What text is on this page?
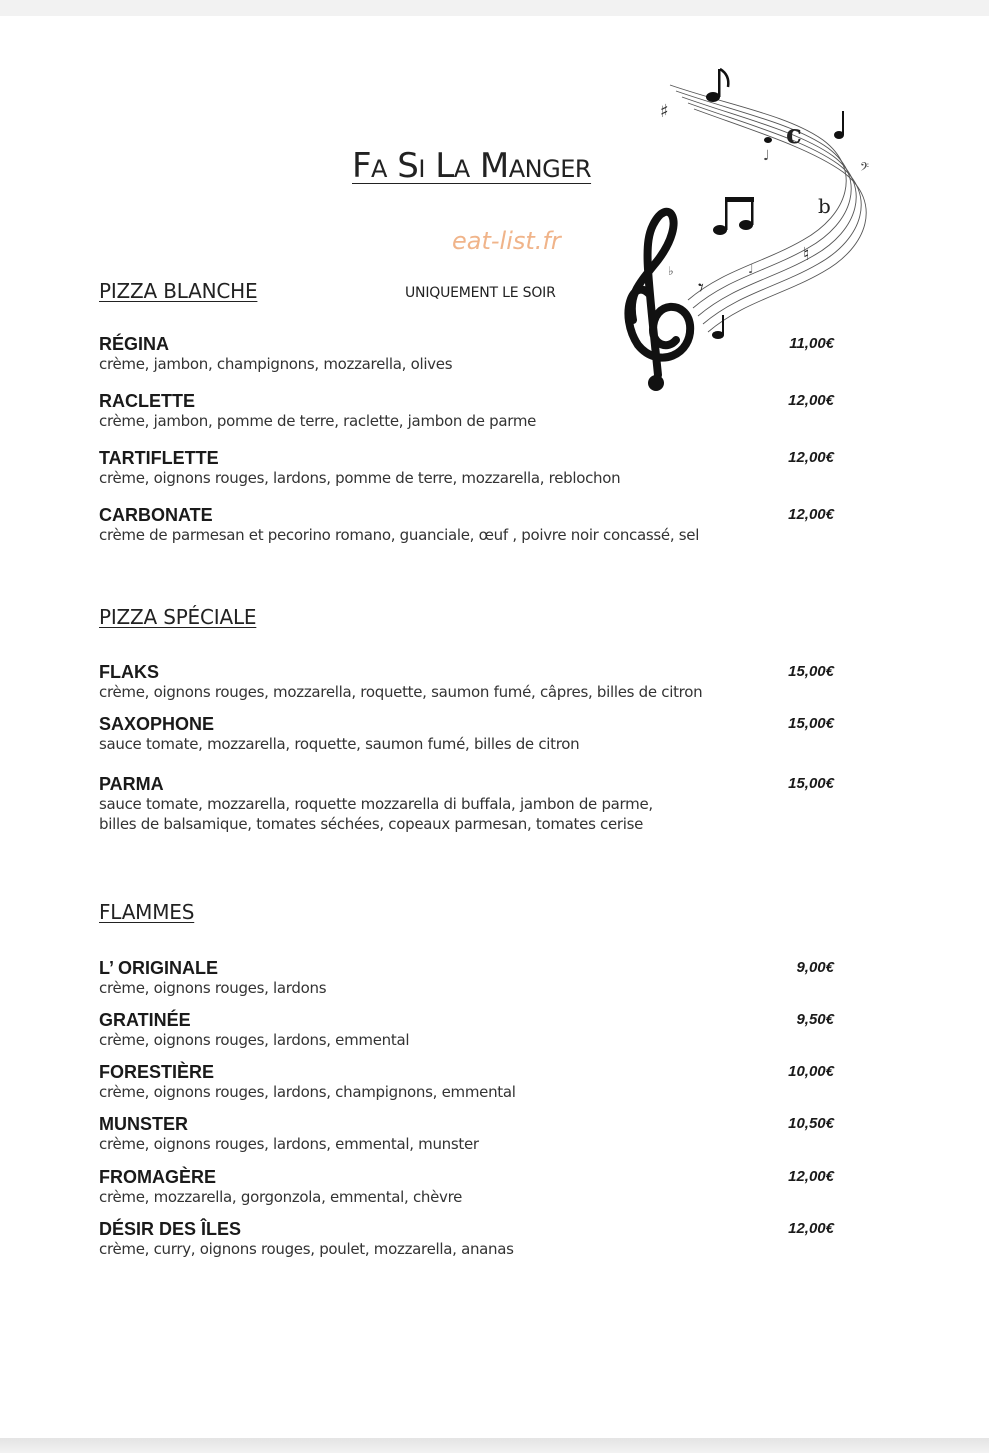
♯
c
b
♮
♩
𝄢
𝄾
♭	♩
Fa Si La Manger
eat-list.fr
PIZZA BLANCHE	UNIQUEMENT LE SOIR
RÉGINA
crème, jambon, champignons, mozzarella, olives
11,00€
RACLETTE
crème, jambon, pomme de terre, raclette, jambon de parme
12,00€
TARTIFLETTE
crème, oignons rouges, lardons, pomme de terre, mozzarella, reblochon
12,00€
CARBONATE
crème de parmesan et pecorino romano, guanciale, œuf , poivre noir concassé, sel
12,00€
PIZZA SPÉCIALE
FLAKS
crème, oignons rouges, mozzarella, roquette, saumon fumé, câpres, billes de citron
15,00€
SAXOPHONE
sauce tomate, mozzarella, roquette, saumon fumé, billes de citron
15,00€
PARMA
sauce tomate, mozzarella, roquette mozzarella di buffala, jambon de parme,
billes de balsamique, tomates séchées, copeaux parmesan, tomates cerise
15,00€
FLAMMES
L’ ORIGINALE
crème, oignons rouges, lardons
9,00€
GRATINÉE
crème, oignons rouges, lardons, emmental
9,50€
FORESTIÈRE
crème, oignons rouges, lardons, champignons, emmental
10,00€
MUNSTER
crème, oignons rouges, lardons, emmental, munster
10,50€
FROMAGÈRE
crème, mozzarella, gorgonzola, emmental, chèvre
12,00€
DÉSIR DES ÎLES
crème, curry, oignons rouges, poulet, mozzarella, ananas
12,00€
